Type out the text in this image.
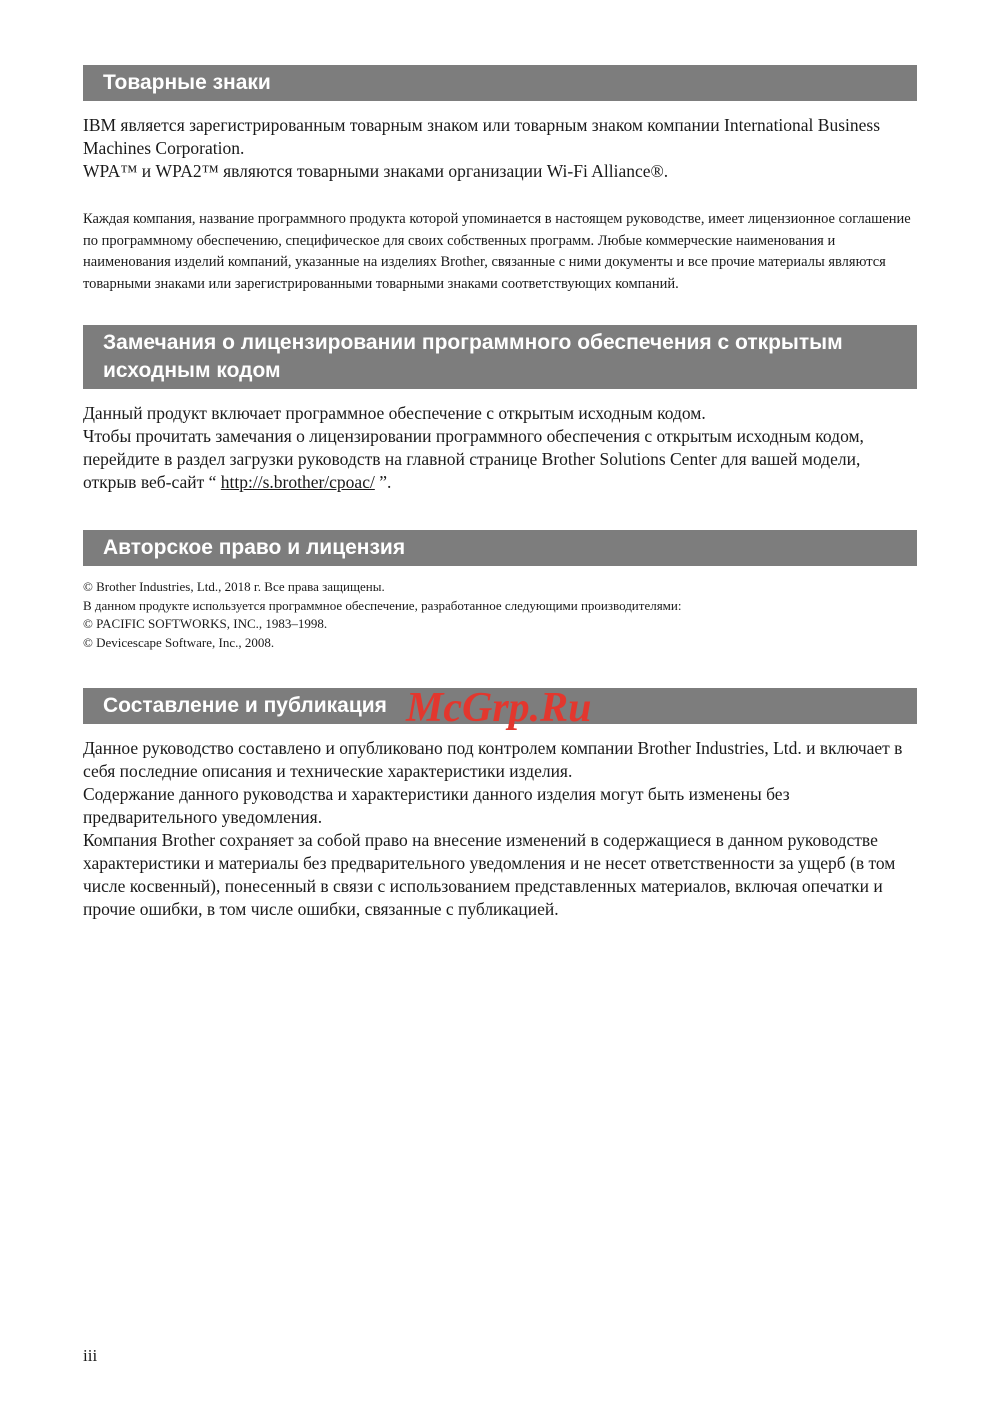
Товарные знаки

IBM является зарегистрированным товарным знаком или товарным знаком компании International Business Machines Corporation.
WPA™ и WPA2™ являются товарными знаками организации Wi-Fi Alliance®.

Каждая компания, название программного продукта которой упоминается в настоящем руководстве, имеет лицензионное соглашение по программному обеспечению, специфическое для своих собственных программ. Любые коммерческие наименования и наименования изделий компаний, указанные на изделиях Brother, связанные с ними документы и все прочие материалы являются товарными знаками или зарегистрированными товарными знаками соответствующих компаний.

Замечания о лицензировании программного обеспечения с открытым исходным кодом

Данный продукт включает программное обеспечение с открытым исходным кодом.
Чтобы прочитать замечания о лицензировании программного обеспечения с открытым исходным кодом, перейдите в раздел загрузки руководств на главной странице Brother Solutions Center для вашей модели, открыв веб-сайт “ http://s.brother/cpoac/ ”.

Авторское право и лицензия

© Brother Industries, Ltd., 2018 г. Все права защищены.
В данном продукте используется программное обеспечение, разработанное следующими производителями:
© PACIFIC SOFTWORKS, INC., 1983–1998.
© Devicescape Software, Inc., 2008.

Составление и публикация

Данное руководство составлено и опубликовано под контролем компании Brother Industries, Ltd. и включает в себя последние описания и технические характеристики изделия.
Содержание данного руководства и характеристики данного изделия могут быть изменены без предварительного уведомления.
Компания Brother сохраняет за собой право на внесение изменений в содержащиеся в данном руководстве характеристики и материалы без предварительного уведомления и не несет ответственности за ущерб (в том числе косвенный), понесенный в связи с использованием представленных материалов, включая опечатки и прочие ошибки, в том числе ошибки, связанные с публикацией.

McGrp.Ru
iii
